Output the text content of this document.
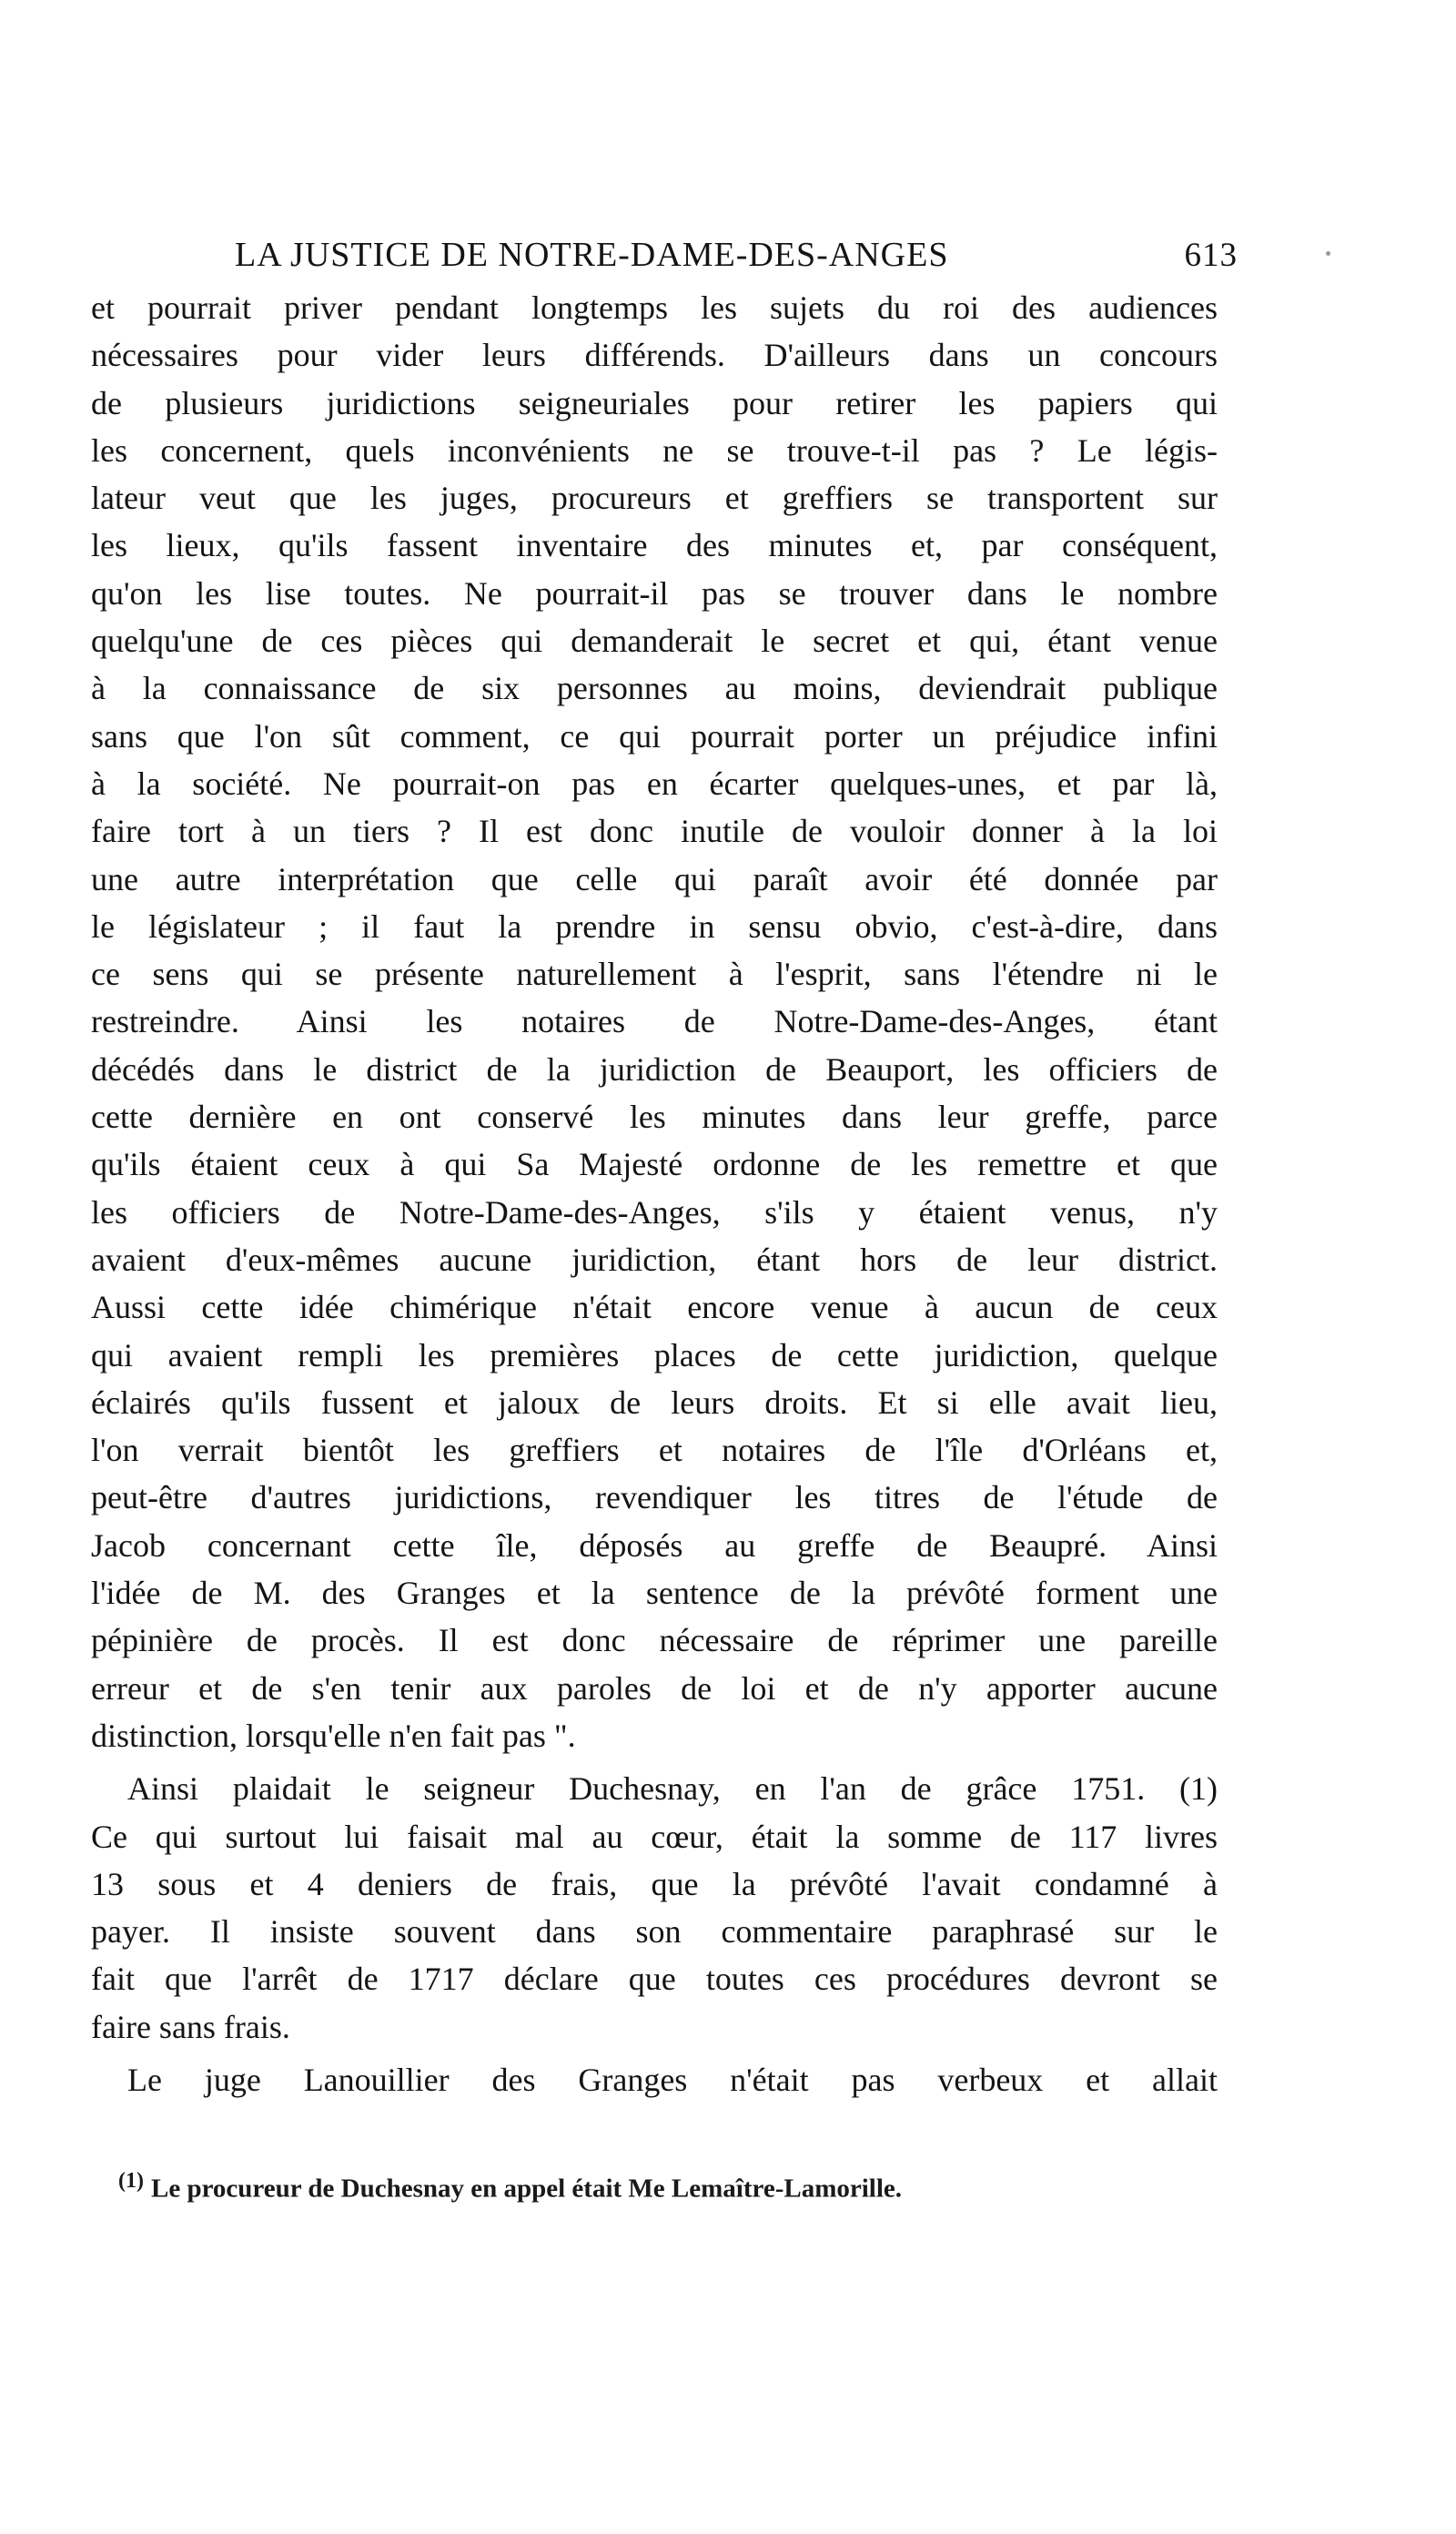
LA JUSTICE DE NOTRE-DAME-DES-ANGES	613
et pourrait priver pendant longtemps les sujets du roi des audiences
nécessaires pour vider leurs différends. D'ailleurs dans un concours
de plusieurs juridictions seigneuriales pour retirer les papiers qui
les concernent, quels inconvénients ne se trouve-t-il pas ? Le légis-
lateur veut que les juges, procureurs et greffiers se transportent sur
les lieux, qu'ils fassent inventaire des minutes et, par conséquent,
qu'on les lise toutes. Ne pourrait-il pas se trouver dans le nombre
quelqu'une de ces pièces qui demanderait le secret et qui, étant venue
à la connaissance de six personnes au moins, deviendrait publique
sans que l'on sût comment, ce qui pourrait porter un préjudice infini
à la société. Ne pourrait-on pas en écarter quelques-unes, et par là,
faire tort à un tiers ? Il est donc inutile de vouloir donner à la loi
une autre interprétation que celle qui paraît avoir été donnée par
le législateur ; il faut la prendre in sensu obvio, c'est-à-dire, dans
ce sens qui se présente naturellement à l'esprit, sans l'étendre ni le
restreindre. Ainsi les notaires de Notre-Dame-des-Anges, étant
décédés dans le district de la juridiction de Beauport, les officiers de
cette dernière en ont conservé les minutes dans leur greffe, parce
qu'ils étaient ceux à qui Sa Majesté ordonne de les remettre et que
les officiers de Notre-Dame-des-Anges, s'ils y étaient venus, n'y
avaient d'eux-mêmes aucune juridiction, étant hors de leur district.
Aussi cette idée chimérique n'était encore venue à aucun de ceux
qui avaient rempli les premières places de cette juridiction, quelque
éclairés qu'ils fussent et jaloux de leurs droits. Et si elle avait lieu,
l'on verrait bientôt les greffiers et notaires de l'île d'Orléans et,
peut-être d'autres juridictions, revendiquer les titres de l'étude de
Jacob concernant cette île, déposés au greffe de Beaupré. Ainsi
l'idée de M. des Granges et la sentence de la prévôté forment une
pépinière de procès. Il est donc nécessaire de réprimer une pareille
erreur et de s'en tenir aux paroles de loi et de n'y apporter aucune
distinction, lorsqu'elle n'en fait pas ".
Ainsi plaidait le seigneur Duchesnay, en l'an de grâce 1751. (1)
Ce qui surtout lui faisait mal au cœur, était la somme de 117 livres
13 sous et 4 deniers de frais, que la prévôté l'avait condamné à
payer. Il insiste souvent dans son commentaire paraphrasé sur le
fait que l'arrêt de 1717 déclare que toutes ces procédures devront se
faire sans frais.
Le juge Lanouillier des Granges n'était pas verbeux et allait
$^{(1)}$ Le procureur de Duchesnay en appel était Me Lemaître-Lamorille.
